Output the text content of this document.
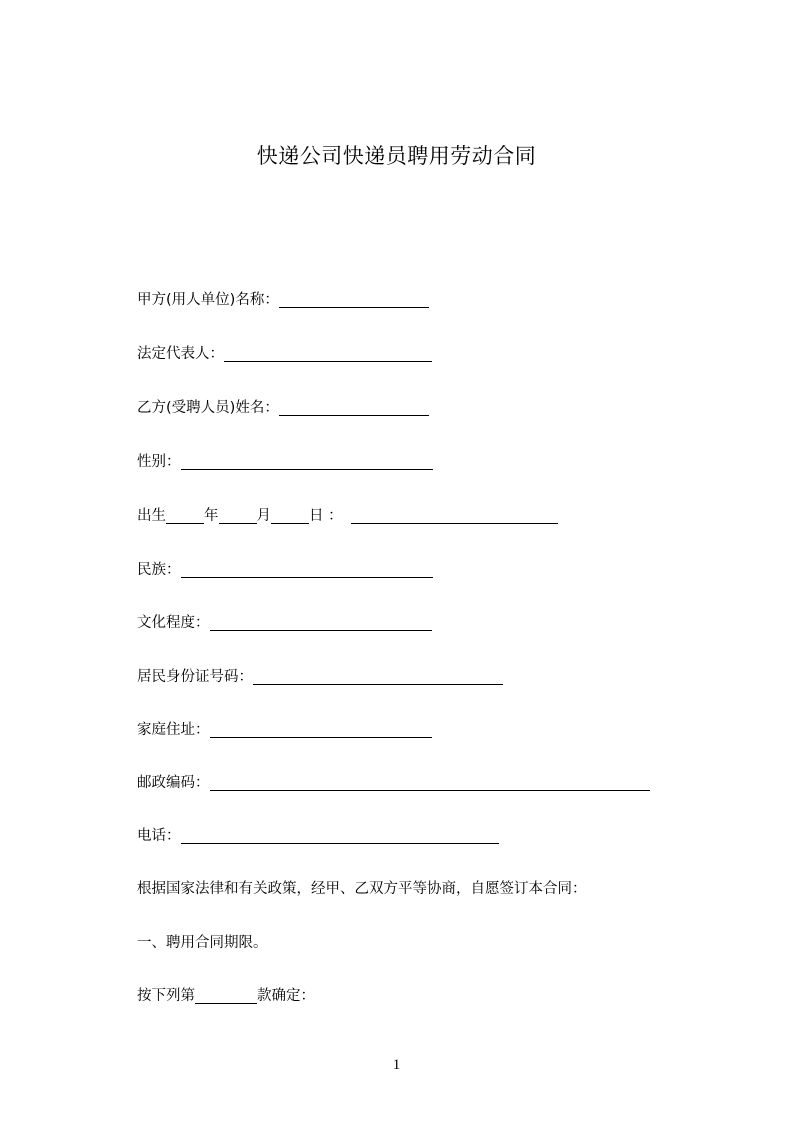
快递公司快递员聘用劳动合同
甲方(用人单位)名称：
法定代表人：
乙方(受聘人员)姓名：
性别：
出生	年	月	日 ：
民族：
文化程度：
居民身份证号码：
家庭住址：
邮政编码：
电话：
根据国家法律和有关政策，经甲、乙双方平等协商，自愿签订本合同：
一、聘用合同期限。
按下列第	款确定：
1
